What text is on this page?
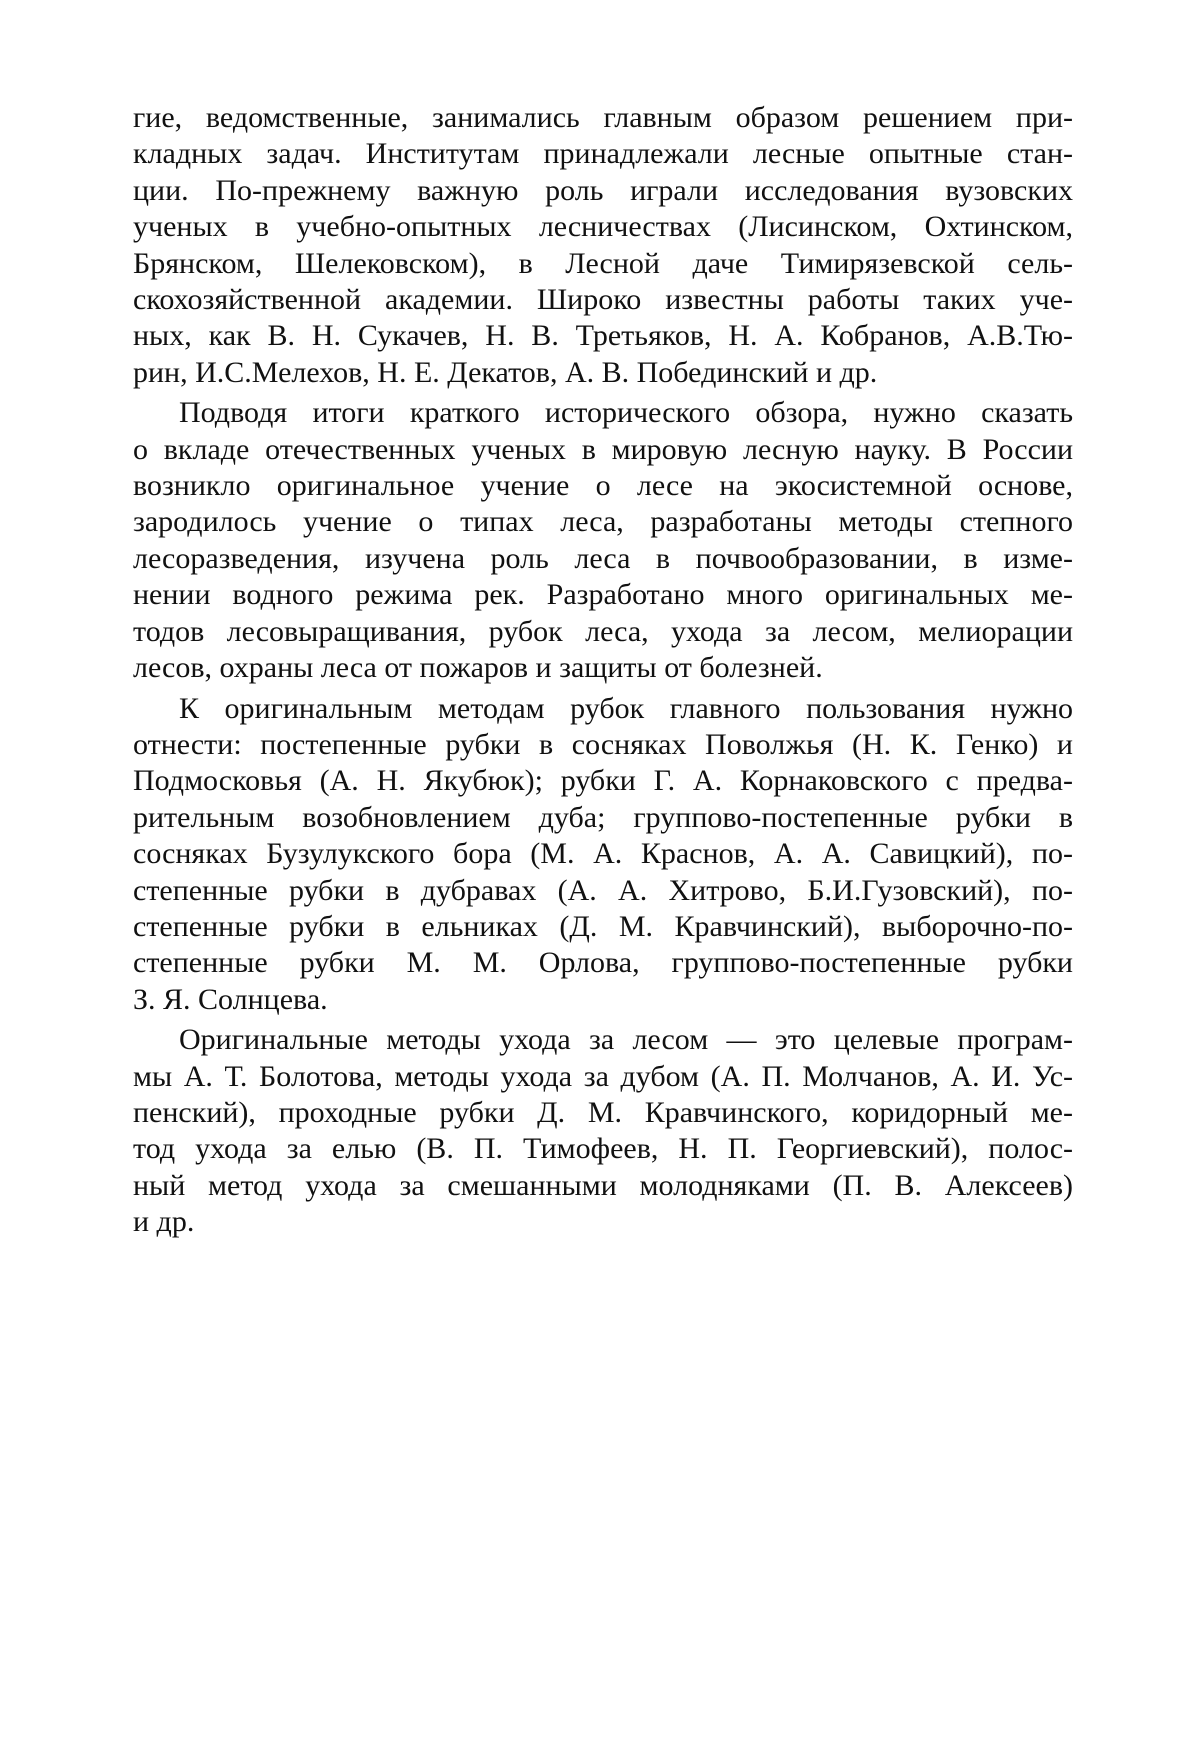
гие, ведомственные, занимались главным образом решением при-
кладных задач. Институтам принадлежали лесные опытные стан-
ции. По-прежнему важную роль играли исследования вузовских
ученых в учебно-опытных лесничествах (Лисинском, Охтинском,
Брянском, Шелековском), в Лесной даче Тимирязевской сель-
скохозяйственной академии. Широко известны работы таких уче-
ных, как В. Н. Сукачев, Н. В. Третьяков, Н. А. Кобранов, А.В.Тю-
рин, И.С.Мелехов, Н. Е. Декатов, А. В. Побединский и др.

Подводя итоги краткого исторического обзора, нужно сказать
о вкладе отечественных ученых в мировую лесную науку. В России
возникло оригинальное учение о лесе на экосистемной основе,
зародилось учение о типах леса, разработаны методы степного
лесоразведения, изучена роль леса в почвообразовании, в изме-
нении водного режима рек. Разработано много оригинальных ме-
тодов лесовыращивания, рубок леса, ухода за лесом, мелиорации
лесов, охраны леса от пожаров и защиты от болезней.

К оригинальным методам рубок главного пользования нужно
отнести: постепенные рубки в сосняках Поволжья (Н. К. Генко) и
Подмосковья (А. Н. Якубюк); рубки Г. А. Корнаковского с предва-
рительным возобновлением дуба; группово-постепенные рубки в
сосняках Бузулукского бора (М. А. Краснов, А. А. Савицкий), по-
степенные рубки в дубравах (А. А. Хитрово, Б.И.Гузовский), по-
степенные рубки в ельниках (Д. М. Кравчинский), выборочно-по-
степенные рубки М. М. Орлова, группово-постепенные рубки
З. Я. Солнцева.

Оригинальные методы ухода за лесом — это целевые програм-
мы А. Т. Болотова, методы ухода за дубом (А. П. Молчанов, А. И. Ус-
пенский), проходные рубки Д. М. Кравчинского, коридорный ме-
тод ухода за елью (В. П. Тимофеев, Н. П. Георгиевский), полос-
ный метод ухода за смешанными молодняками (П. В. Алексеев)
и др.
